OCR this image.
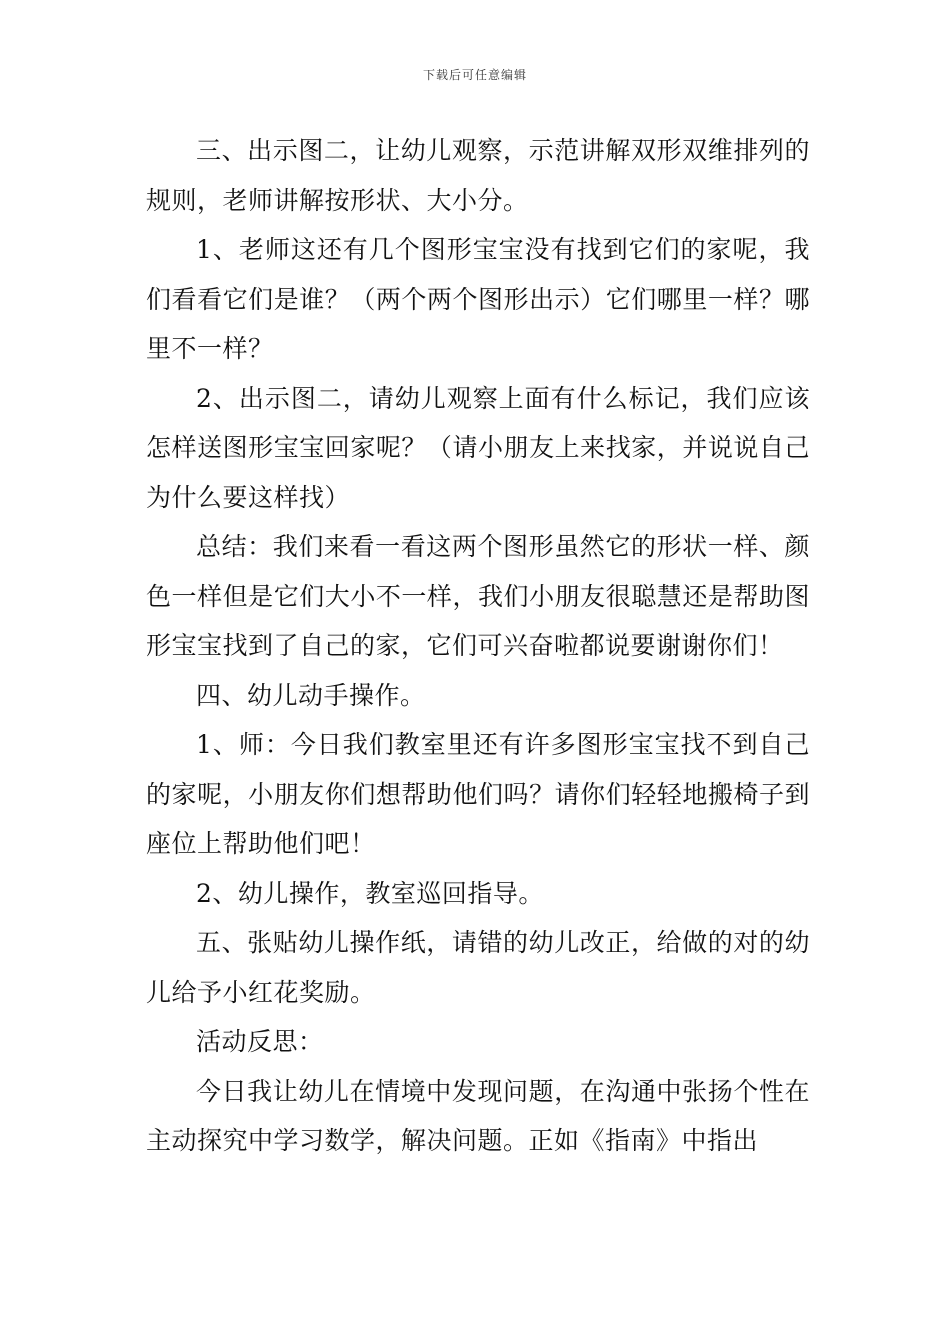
下载后可任意编辑

三、出示图二，让幼儿观察，示范讲解双形双维排列的规则，老师讲解按形状、大小分。

1、老师这还有几个图形宝宝没有找到它们的家呢，我们看看它们是谁？（两个两个图形出示）它们哪里一样？哪里不一样？

2、出示图二，请幼儿观察上面有什么标记，我们应该怎样送图形宝宝回家呢？（请小朋友上来找家，并说说自己为什么要这样找）

总结：我们来看一看这两个图形虽然它的形状一样、颜色一样但是它们大小不一样，我们小朋友很聪慧还是帮助图形宝宝找到了自己的家，它们可兴奋啦都说要谢谢你们！

四、幼儿动手操作。

1、师：今日我们教室里还有许多图形宝宝找不到自己的家呢，小朋友你们想帮助他们吗？请你们轻轻地搬椅子到座位上帮助他们吧！

2、幼儿操作，教室巡回指导。

五、张贴幼儿操作纸，请错的幼儿改正，给做的对的幼儿给予小红花奖励。

活动反思：

今日我让幼儿在情境中发现问题，在沟通中张扬个性在主动探究中学习数学，解决问题。正如《指南》中指出
